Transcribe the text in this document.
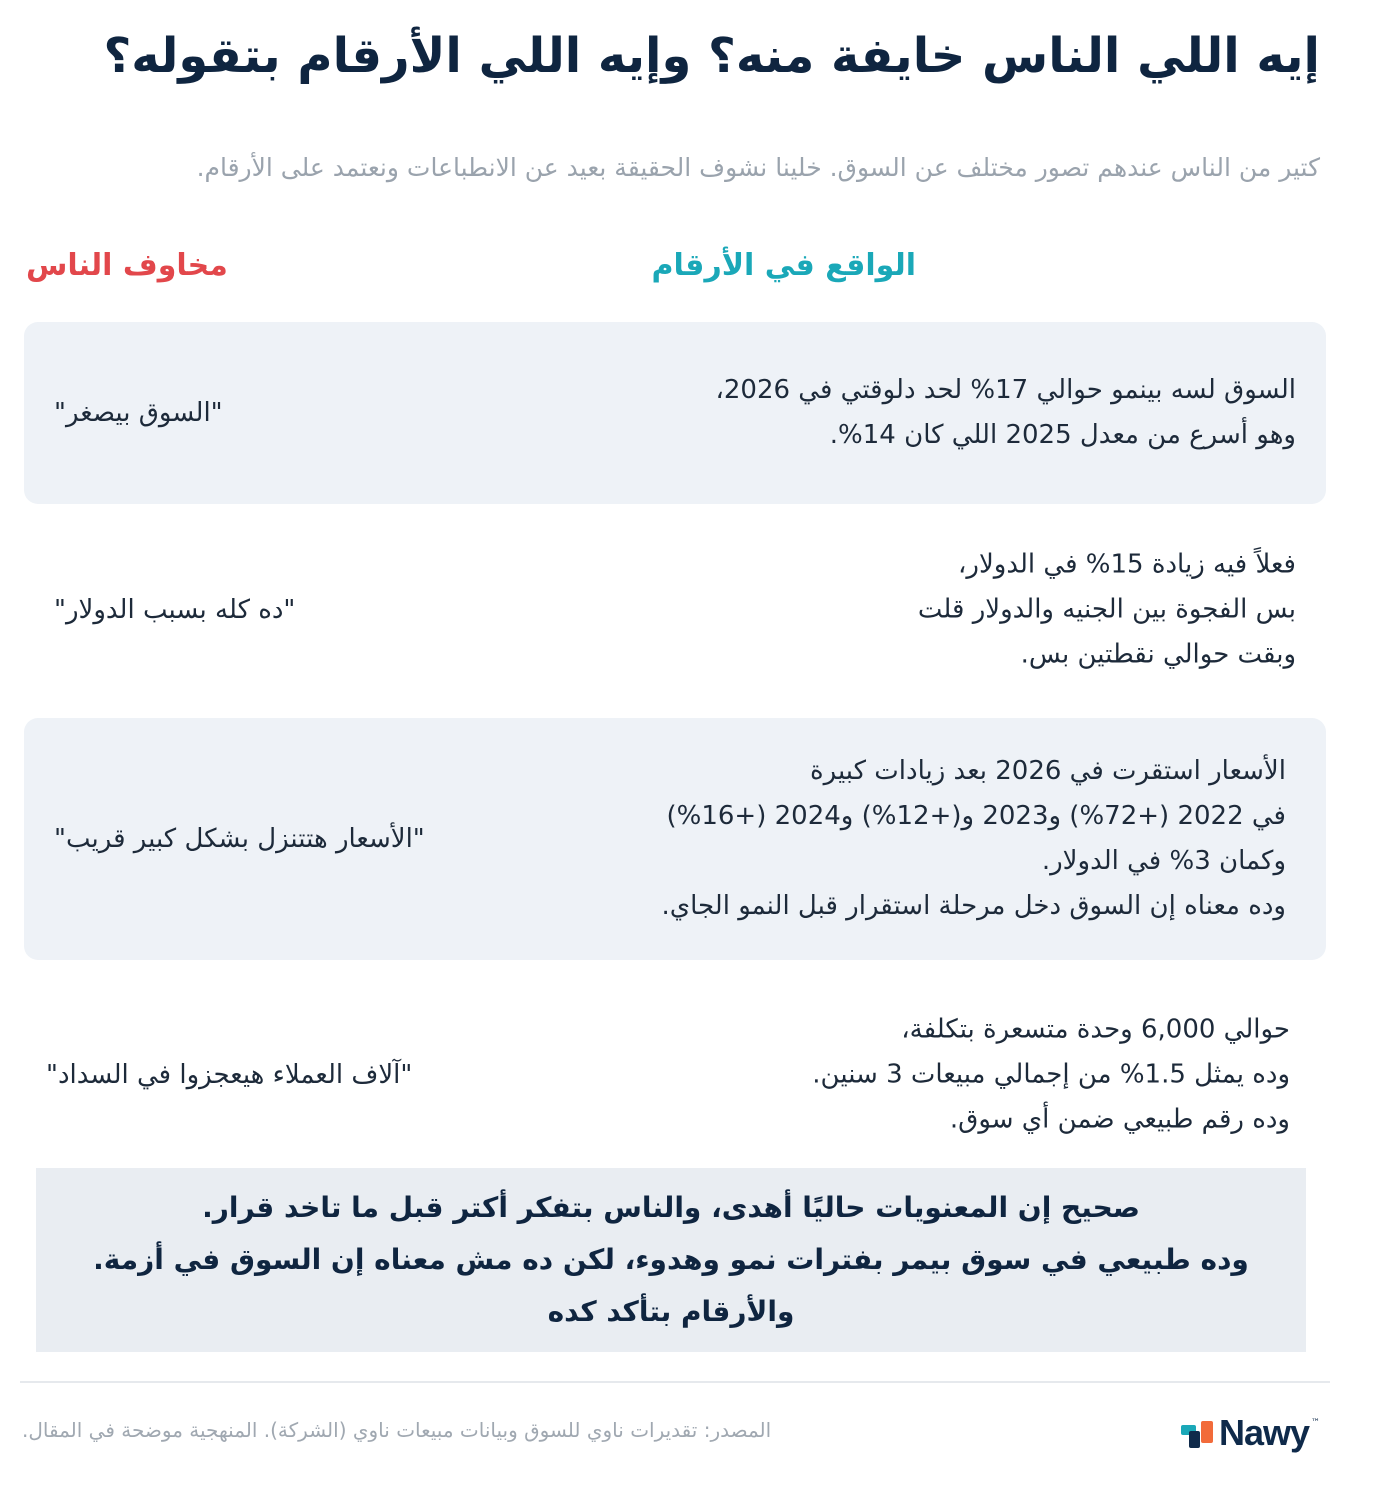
إيه اللي الناس خايفة منه؟ وإيه اللي الأرقام بتقوله؟

كتير من الناس عندهم تصور مختلف عن السوق. خلينا نشوف الحقيقة بعيد عن الانطباعات ونعتمد على الأرقام.

الواقع في الأرقام
مخاوف الناس
السوق لسه بينمو حوالي 17% لحد دلوقتي في 2026،
وهو أسرع من معدل 2025 اللي كان 14%.
"السوق بيصغر"
فعلاً فيه زيادة 15% في الدولار،
بس الفجوة بين الجنيه والدولار قلت
وبقت حوالي نقطتين بس.
"ده كله بسبب الدولار"
الأسعار استقرت في 2026 بعد زيادات كبيرة
في 2022 (+72%) و2023 و(+12%) و2024 (+16%)
وكمان 3% في الدولار.
وده معناه إن السوق دخل مرحلة استقرار قبل النمو الجاي.
"الأسعار هتتنزل بشكل كبير قريب"
حوالي 6,000 وحدة متسعرة بتكلفة،
وده يمثل 1.5% من إجمالي مبيعات 3 سنين.
وده رقم طبيعي ضمن أي سوق.
"آلاف العملاء هيعجزوا في السداد"
صحيح إن المعنويات حاليًا أهدى، والناس بتفكر أكتر قبل ما تاخد قرار.
وده طبيعي في سوق بيمر بفترات نمو وهدوء، لكن ده مش معناه إن السوق في أزمة.
والأرقام بتأكد كده
Nawy ™
المصدر: تقديرات ناوي للسوق وبيانات مبيعات ناوي (الشركة). المنهجية موضحة في المقال.
